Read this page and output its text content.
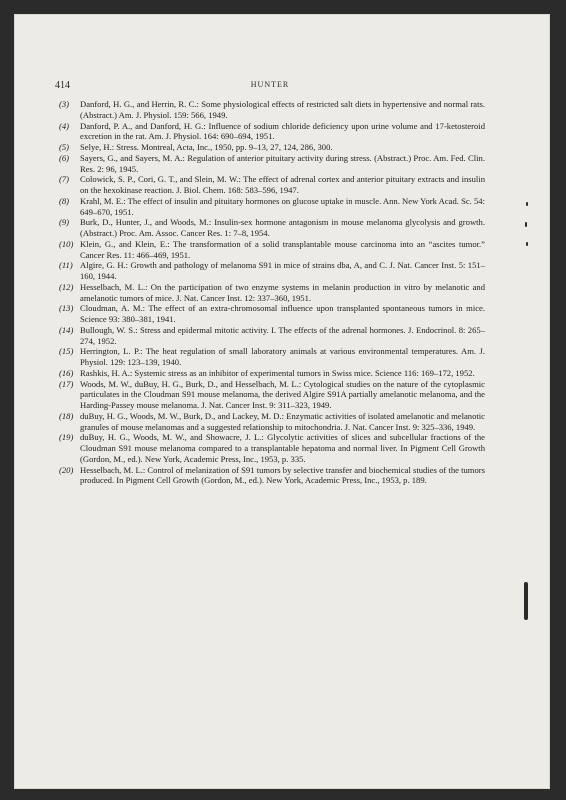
414	HUNTER

(3) Danford, H. G., and Herrin, R. C.: Some physiological effects of restricted salt diets in hypertensive and normal rats. (Abstract.) Am. J. Physiol. 159: 566, 1949.

(4) Danford, P. A., and Danford, H. G.: Influence of sodium chloride deficiency upon urine volume and 17-ketosteroid excretion in the rat. Am. J. Physiol. 164: 690–694, 1951.

(5) Selye, H.: Stress. Montreal, Acta, Inc., 1950, pp. 9–13, 27, 124, 286, 300.

(6) Sayers, G., and Sayers, M. A.: Regulation of anterior pituitary activity during stress. (Abstract.) Proc. Am. Fed. Clin. Res. 2: 96, 1945.

(7) Colowick, S. P., Cori, G. T., and Slein, M. W.: The effect of adrenal cortex and anterior pituitary extracts and insulin on the hexokinase reaction. J. Biol. Chem. 168: 583–596, 1947.

(8) Krahl, M. E.: The effect of insulin and pituitary hormones on glucose uptake in muscle. Ann. New York Acad. Sc. 54: 649–670, 1951.

(9) Burk, D., Hunter, J., and Woods, M.: Insulin-sex hormone antagonism in mouse melanoma glycolysis and growth. (Abstract.) Proc. Am. Assoc. Cancer Res. 1: 7–8, 1954.

(10) Klein, G., and Klein, E.: The transformation of a solid transplantable mouse carcinoma into an “ascites tumor.” Cancer Res. 11: 466–469, 1951.

(11) Algire, G. H.: Growth and pathology of melanoma S91 in mice of strains dba, A, and C. J. Nat. Cancer Inst. 5: 151–160, 1944.

(12) Hesselbach, M. L.: On the participation of two enzyme systems in melanin production in vitro by melanotic and amelanotic tumors of mice. J. Nat. Cancer Inst. 12: 337–360, 1951.

(13) Cloudman, A. M.: The effect of an extra-chromosomal influence upon transplanted spontaneous tumors in mice. Science 93: 380–381, 1941.

(14) Bullough, W. S.: Stress and epidermal mitotic activity. I. The effects of the adrenal hormones. J. Endocrinol. 8: 265–274, 1952.

(15) Herrington, L. P.: The heat regulation of small laboratory animals at various environmental temperatures. Am. J. Physiol. 129: 123–139, 1940.

(16) Rashkis, H. A.: Systemic stress as an inhibitor of experimental tumors in Swiss mice. Science 116: 169–172, 1952.

(17) Woods, M. W., duBuy, H. G., Burk, D., and Hesselbach, M. L.: Cytological studies on the nature of the cytoplasmic particulates in the Cloudman S91 mouse melanoma, the derived Algire S91A partially amelanotic melanoma, and the Harding-Passey mouse melanoma. J. Nat. Cancer Inst. 9: 311–323, 1949.

(18) duBuy, H. G., Woods, M. W., Burk, D., and Lackey, M. D.: Enzymatic activities of isolated amelanotic and melanotic granules of mouse melanomas and a suggested relationship to mitochondria. J. Nat. Cancer Inst. 9: 325–336, 1949.

(19) duBuy, H. G., Woods, M. W., and Showacre, J. L.: Glycolytic activities of slices and subcellular fractions of the Cloudman S91 mouse melanoma compared to a transplantable hepatoma and normal liver. In Pigment Cell Growth (Gordon, M., ed.). New York, Academic Press, Inc., 1953, p. 335.

(20) Hesselbach, M. L.: Control of melanization of S91 tumors by selective transfer and biochemical studies of the tumors produced. In Pigment Cell Growth (Gordon, M., ed.). New York, Academic Press, Inc., 1953, p. 189.
